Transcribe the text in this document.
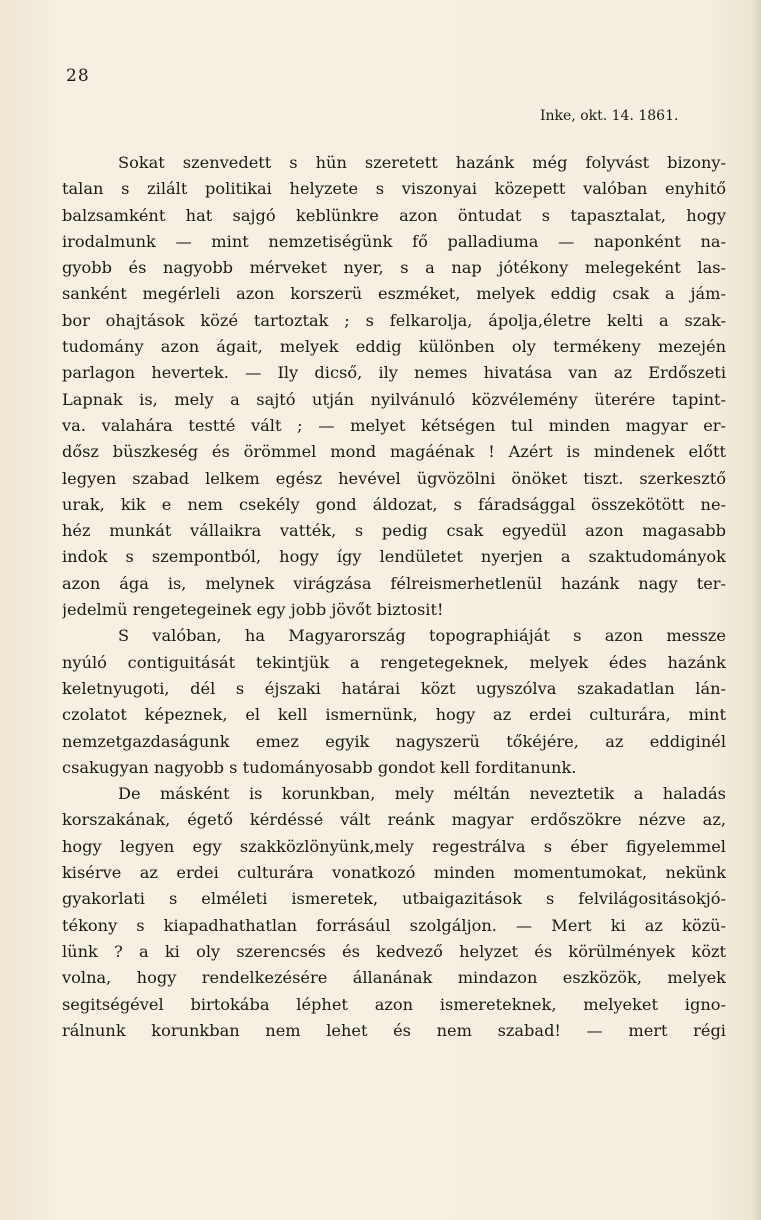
28
Inke, okt. 14. 1861.
Sokat szenvedett s hün szeretett hazánk még folyvást bizony-
talan s zilált politikai helyzete s viszonyai közepett valóban enyhitő
balzsamként hat sajgó keblünkre azon öntudat s tapasztalat, hogy
irodalmunk — mint nemzetiségünk fő palladiuma — naponként na-
gyobb és nagyobb mérveket nyer, s a nap jótékony melegeként las-
sanként megérleli azon korszerü eszméket, melyek eddig csak a jám-
bor ohajtások közé tartoztak ; s felkarolja, ápolja,életre kelti a szak-
tudomány azon ágait, melyek eddig különben oly termékeny mezején
parlagon hevertek. — Ily dicső, ily nemes hivatása van az Erdőszeti
Lapnak is, mely a sajtó utján nyilvánuló közvélemény üterére tapint-
va. valahára testté vált ; — melyet kétségen tul minden magyar er-
dősz büszkeség és örömmel mond magáénak ! Azért is mindenek előtt
legyen szabad lelkem egész hevével ügvözölni önöket tiszt. szerkesztő
urak, kik e nem csekély gond áldozat, s fáradsággal összekötött ne-
héz munkát vállaikra vatték, s pedig csak egyedül azon magasabb
indok s szempontból, hogy így lendületet nyerjen a szaktudományok
azon ága is, melynek virágzása félreismerhetlenül hazánk nagy ter-
jedelmü rengetegeinek egy jobb jövőt biztosit!
S valóban, ha Magyarország topographiáját s azon messze
nyúló contiguitását tekintjük a rengetegeknek, melyek édes hazánk
keletnyugoti, dél s éjszaki határai közt ugyszólva szakadatlan lán-
czolatot képeznek, el kell ismernünk, hogy az erdei culturára, mint
nemzetgazdaságunk emez egyik nagyszerü tőkéjére, az eddiginél
csakugyan nagyobb s tudományosabb gondot kell forditanunk.
De másként is korunkban, mely méltán neveztetik a haladás
korszakának, égető kérdéssé vált reánk magyar erdőszökre nézve az,
hogy legyen egy szakközlönyünk,mely regestrálva s éber figyelemmel
kisérve az erdei culturára vonatkozó minden momentumokat, nekünk
gyakorlati s elméleti ismeretek, utbaigazitások s felvilágositásokjó-
tékony s kiapadhathatlan forrásául szolgáljon. — Mert ki az közü-
lünk ? a ki oly szerencsés és kedvező helyzet és körülmények közt
volna, hogy rendelkezésére állanának mindazon eszközök, melyek
segitségével birtokába léphet azon ismereteknek, melyeket igno-
rálnunk korunkban nem lehet és nem szabad! — mert régi
